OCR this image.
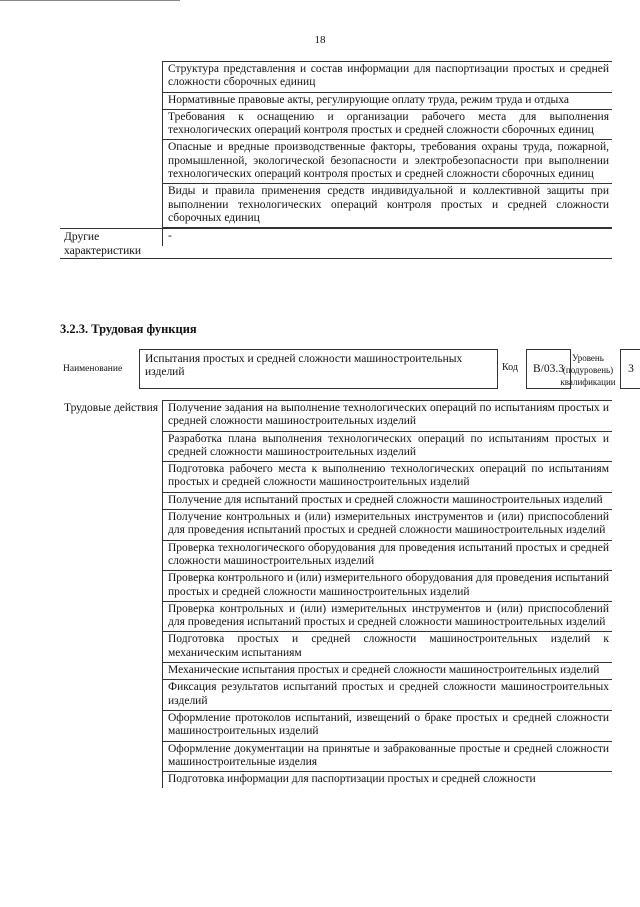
18
Структура представления и состав информации для паспортизации простых и средней сложности сборочных единиц
Нормативные правовые акты, регулирующие оплату труда, режим труда и отдыха
Требования к оснащению и организации рабочего места для выполнения технологических операций контроля простых и средней сложности сборочных единиц
Опасные и вредные производственные факторы, требования охраны труда, пожарной, промышленной, экологической безопасности и электробезопасности при выполнении технологических операций контроля простых и средней сложности сборочных единиц
Виды и правила применения средств индивидуальной и коллективной защиты при выполнении технологических операций контроля простых и средней сложности сборочных единиц
Другие характеристики
-
3.2.3. Трудовая функция
Наименование
Испытания простых и средней сложности машиностроительных изделий	Код	В/03.3
Уровень (подуровень) квалификации
3
Трудовые действия Получение задания на выполнение технологических операций по испытаниям простых и средней сложности машиностроительных изделий
Разработка плана выполнения технологических операций по испытаниям простых и средней сложности машиностроительных изделий
Подготовка рабочего места к выполнению технологических операций по испытаниям простых и средней сложности машиностроительных изделий
Получение для испытаний простых и средней сложности машиностроительных изделий
Получение контрольных и (или) измерительных инструментов и (или) приспособлений для проведения испытаний простых и средней сложности машиностроительных изделий
Проверка технологического оборудования для проведения испытаний простых и средней сложности машиностроительных изделий
Проверка контрольного и (или) измерительного оборудования для проведения испытаний простых и средней сложности машиностроительных изделий
Проверка контрольных и (или) измерительных инструментов и (или) приспособлений для проведения испытаний простых и средней сложности машиностроительных изделий
Подготовка простых и средней сложности машиностроительных изделий к механическим испытаниям
Механические испытания простых и средней сложности машиностроительных изделий
Фиксация результатов испытаний простых и средней сложности машиностроительных изделий
Оформление протоколов испытаний, извещений о браке простых и средней сложности машиностроительных изделий
Оформление документации на принятые и забракованные простые и средней сложности машиностроительные изделия
Подготовка информации для паспортизации простых и средней сложности
